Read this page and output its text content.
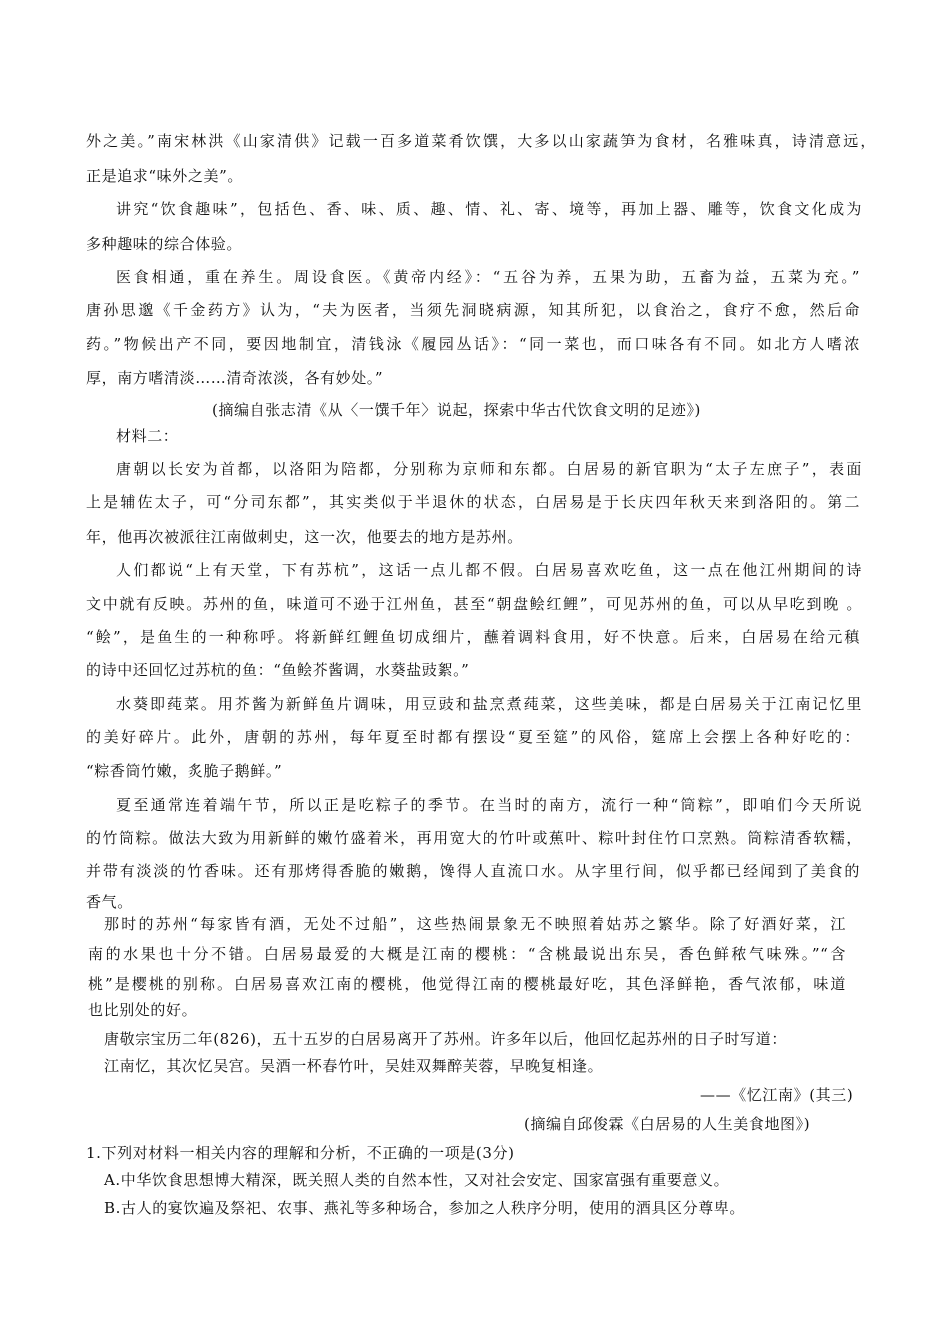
外之美。”南宋林洪《山家清供》记载一百多道菜肴饮馔，大多以山家蔬笋为食材，名雅味真，诗清意远，
正是追求“味外之美”。
讲究“饮食趣味”，包括色、香、味、质、趣、情、礼、寄、境等，再加上器、雕等，饮食文化成为
多种趣味的综合体验。
医食相通，重在养生。周设食医。《黄帝内经》：“五谷为养，五果为助，五畜为益，五菜为充。”
唐孙思邈《千金药方》认为，“夫为医者，当须先洞晓病源，知其所犯，以食治之，食疗不愈，然后命
药。”物候出产不同，要因地制宜，清钱泳《履园丛话》：“同一菜也，而口味各有不同。如北方人嗜浓
厚，南方嗜清淡……清奇浓淡，各有妙处。”
(摘编自张志清《从〈一馔千年〉说起，探索中华古代饮食文明的足迹》)
材料二：
唐朝以长安为首都，以洛阳为陪都，分别称为京师和东都。白居易的新官职为“太子左庶子”，表面
上是辅佐太子，可“分司东都”，其实类似于半退休的状态，白居易是于长庆四年秋天来到洛阳的。第二
年，他再次被派往江南做刺史，这一次，他要去的地方是苏州。
人们都说“上有天堂，下有苏杭”，这话一点儿都不假。白居易喜欢吃鱼，这一点在他江州期间的诗
文中就有反映。苏州的鱼，味道可不逊于江州鱼，甚至“朝盘鲙红鲤”，可见苏州的鱼，可以从早吃到晚 。
“鲙”，是鱼生的一种称呼。将新鲜红鲤鱼切成细片，蘸着调料食用，好不快意。后来，白居易在给元稹
的诗中还回忆过苏杭的鱼：“鱼鲙芥酱调，水葵盐豉絮。”
水葵即莼菜。用芥酱为新鲜鱼片调味，用豆豉和盐烹煮莼菜，这些美味，都是白居易关于江南记忆里
的美好碎片。此外，唐朝的苏州，每年夏至时都有摆设“夏至筵”的风俗，筵席上会摆上各种好吃的：
“粽香筒竹嫩，炙脆子鹅鲜。”
夏至通常连着端午节，所以正是吃粽子的季节。在当时的南方，流行一种“筒粽”，即咱们今天所说
的竹筒粽。做法大致为用新鲜的嫩竹盛着米，再用宽大的竹叶或蕉叶、粽叶封住竹口烹熟。筒粽清香软糯，
并带有淡淡的竹香味。还有那烤得香脆的嫩鹅，馋得人直流口水。从字里行间，似乎都已经闻到了美食的
香气。
那时的苏州“每家皆有酒，无处不过船”，这些热闹景象无不映照着姑苏之繁华。除了好酒好菜，江
南的水果也十分不错。白居易最爱的大概是江南的樱桃：“含桃最说出东吴，香色鲜秾气味殊。”“含
桃”是樱桃的别称。白居易喜欢江南的樱桃，他觉得江南的樱桃最好吃，其色泽鲜艳，香气浓郁，味道
也比别处的好。
唐敬宗宝历二年(826)，五十五岁的白居易离开了苏州。许多年以后，他回忆起苏州的日子时写道：
江南忆，其次忆吴宫。吴酒一杯春竹叶，吴娃双舞醉芙蓉，早晚复相逢。
——《忆江南》(其三)
(摘编自邱俊霖《白居易的人生美食地图》)
1.下列对材料一相关内容的理解和分析，不正确的一项是(3分)
A.中华饮食思想博大精深，既关照人类的自然本性，又对社会安定、国家富强有重要意义。
B.古人的宴饮遍及祭祀、农事、燕礼等多种场合，参加之人秩序分明，使用的酒具区分尊卑。
